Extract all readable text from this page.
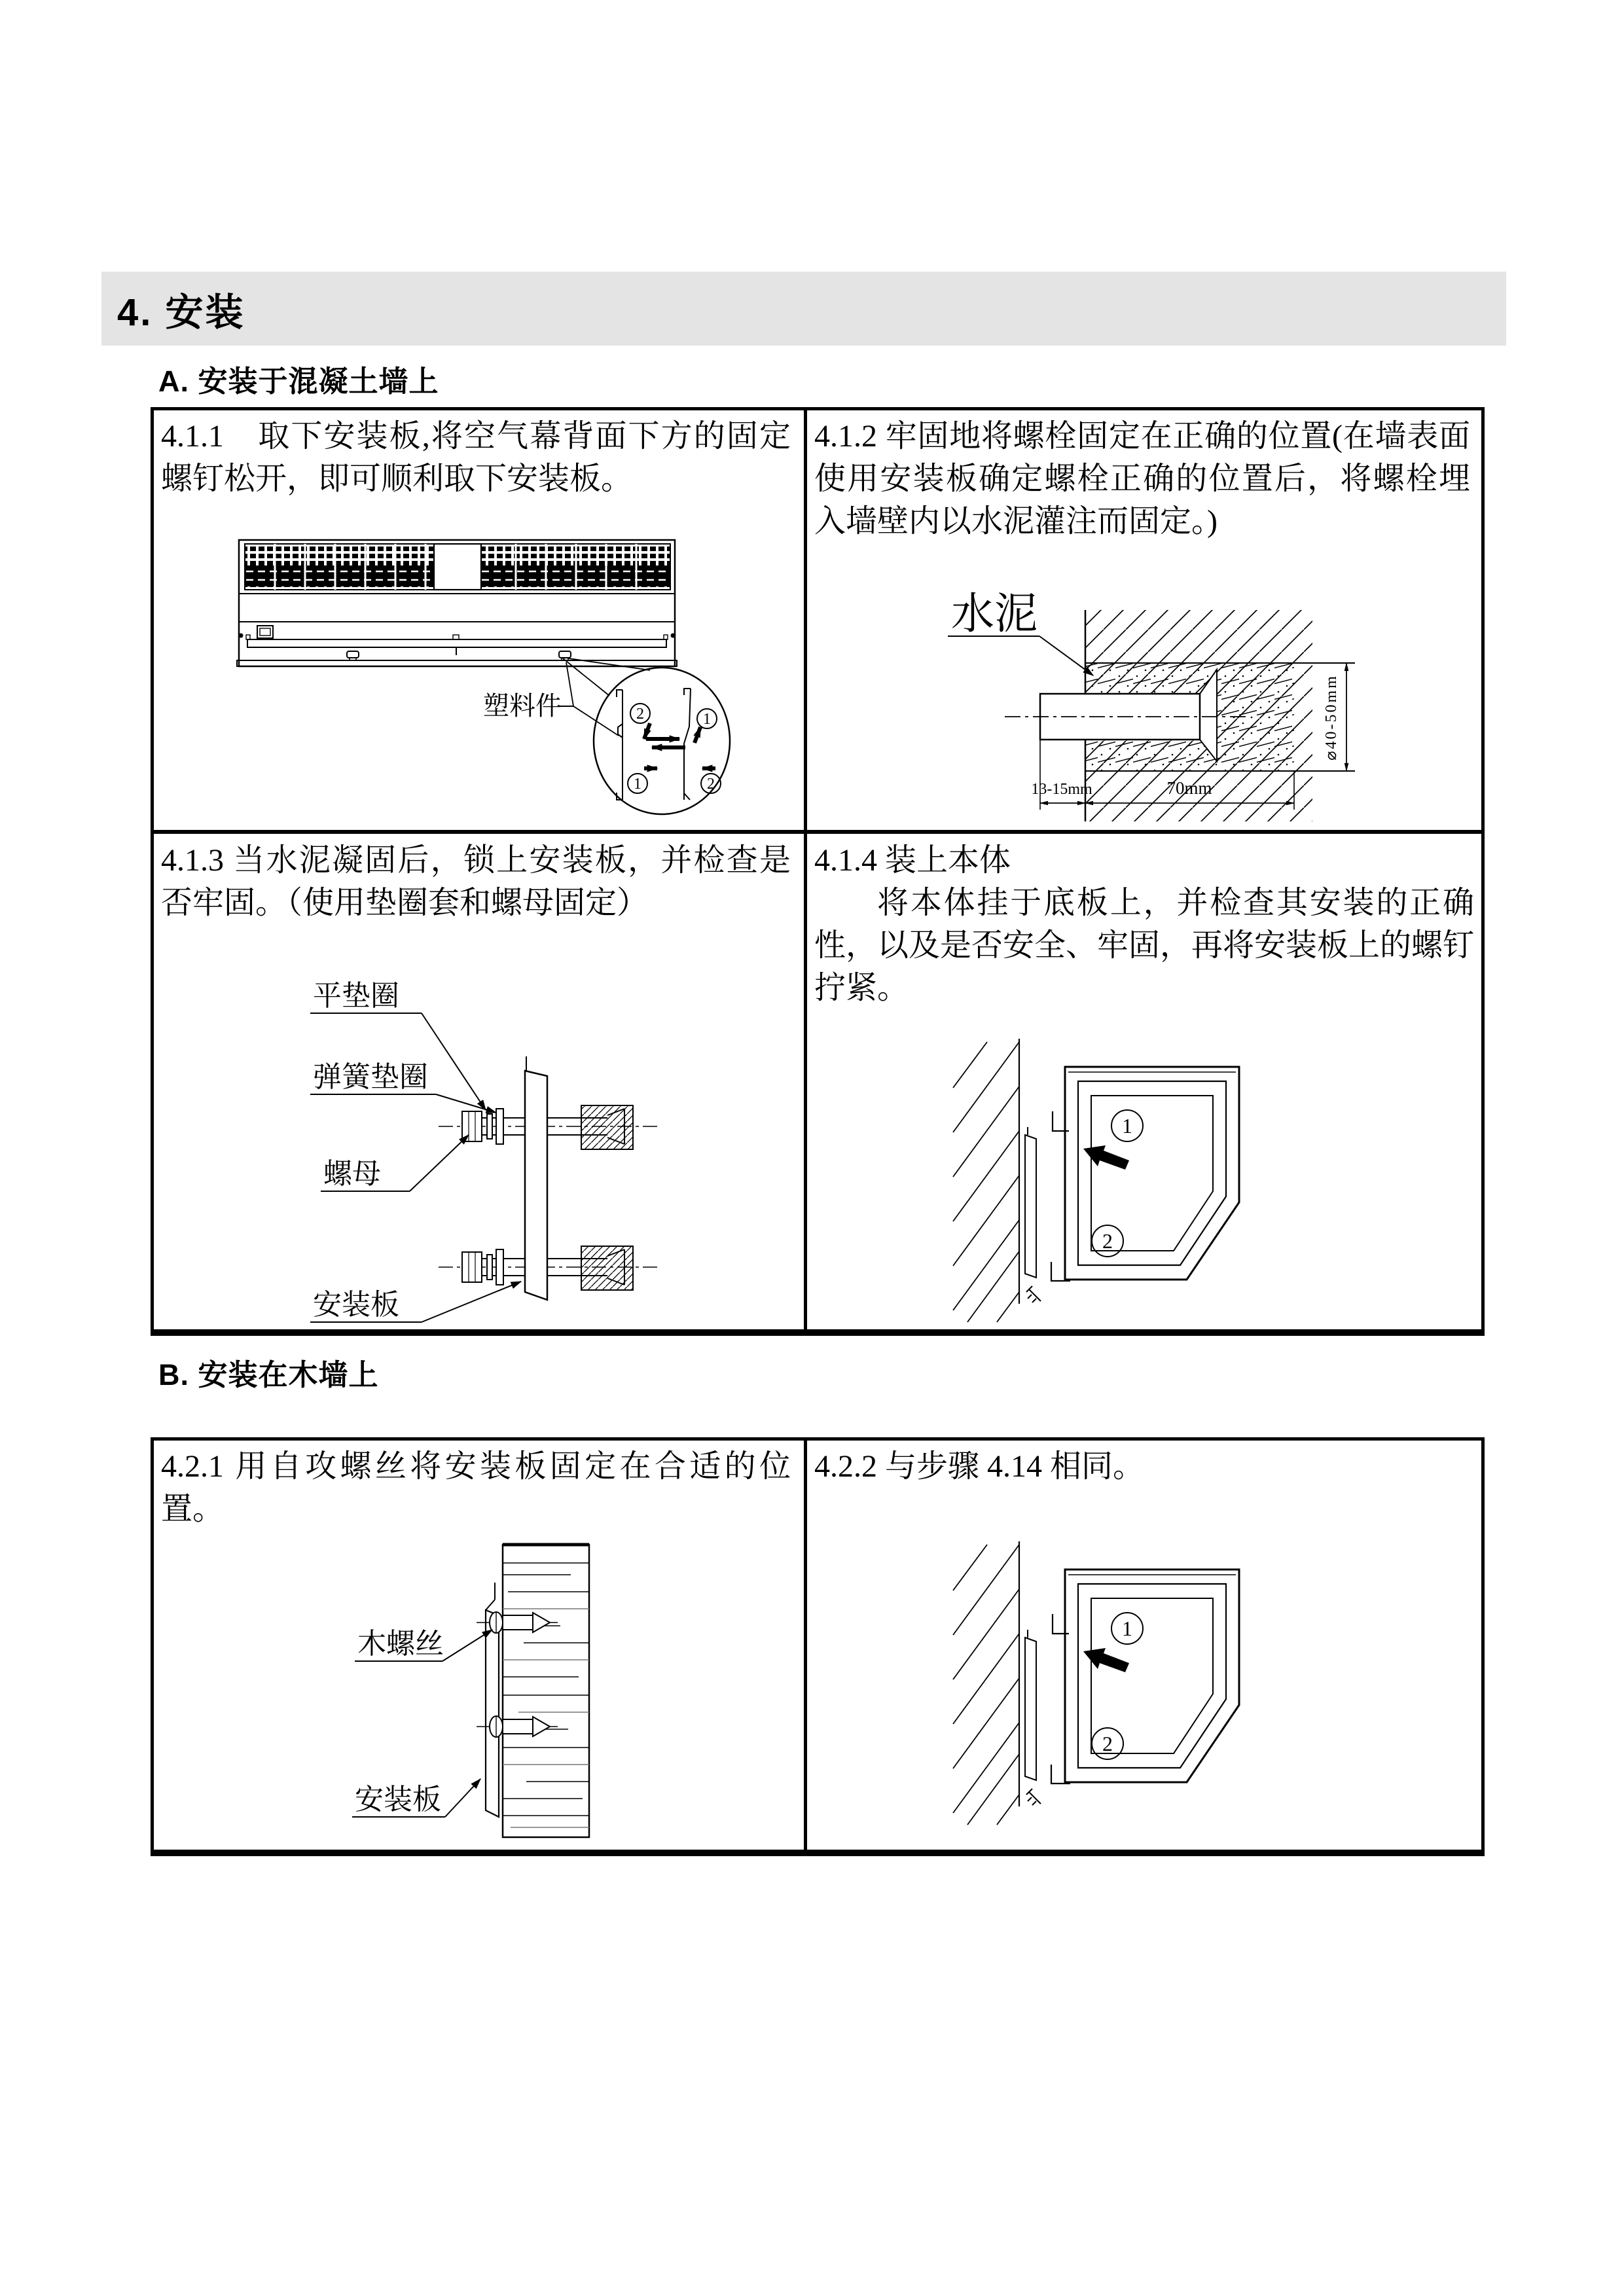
4. 安装
A. 安装于混凝土墙上
B. 安装在木墙上
4.1.1　取下安装板,将空气幕背面下方的固定螺钉松开，即可顺利取下安装板。
4.1.2 牢固地将螺栓固定在正确的位置(在墙表面使用安装板确定螺栓正确的位置后，将螺栓埋入墙壁内以水泥灌注而固定。)
4.1.3 当水泥凝固后，锁上安装板，并检查是否牢固。（使用垫圈套和螺母固定）
4.1.4 装上本体
将本体挂于底板上，并检查其安装的正确性，以及是否安全、牢固，再将安装板上的螺钉拧紧。
4.2.1 用自攻螺丝将安装板固定在合适的位置。
4.2.2 与步骤 4.14 相同。
2	1
1	2
塑料件	⌀40-50mm
13-15mm	70mm
水泥
平垫圈
弹簧垫圈
螺母
安装板
1
2
木螺丝
安装板
1
2
